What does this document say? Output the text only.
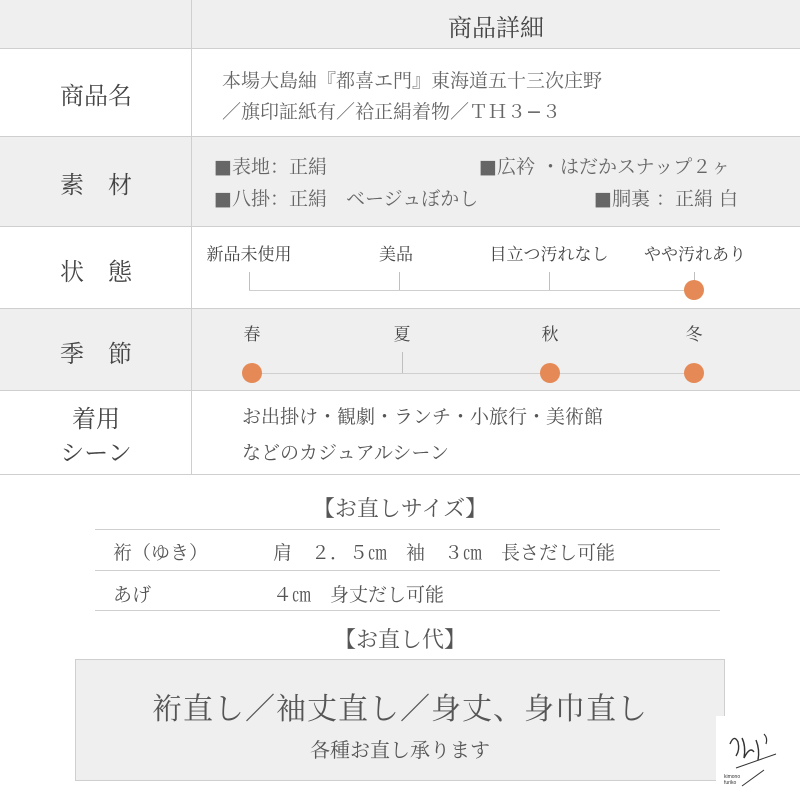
商品詳細
商品名
本場大島紬『都喜エ門』東海道五十三次庄野
／旗印証紙有／袷正絹着物／ＴＨ３−３
素　材
■表地：正絹	■広衿 ・はだかスナップ２ヶ
■八掛：正絹　ベージュぼかし	■胴裏 ：正絹 白
状　態
新品未使用	美品	目立つ汚れなし やや汚れあり
季　節
春	夏	秋	冬
着用
シーン
お出掛け・観劇・ランチ・小旅行・美術館
などのカジュアルシーン
【お直しサイズ】
裄（ゆき）	肩　２．５㎝　袖　３㎝　長さだし可能
あげ	４㎝　身丈だし可能
【お直し代】
裄直し／袖丈直し／身丈、身巾直し
各種お直し承ります
kimono
furiko
